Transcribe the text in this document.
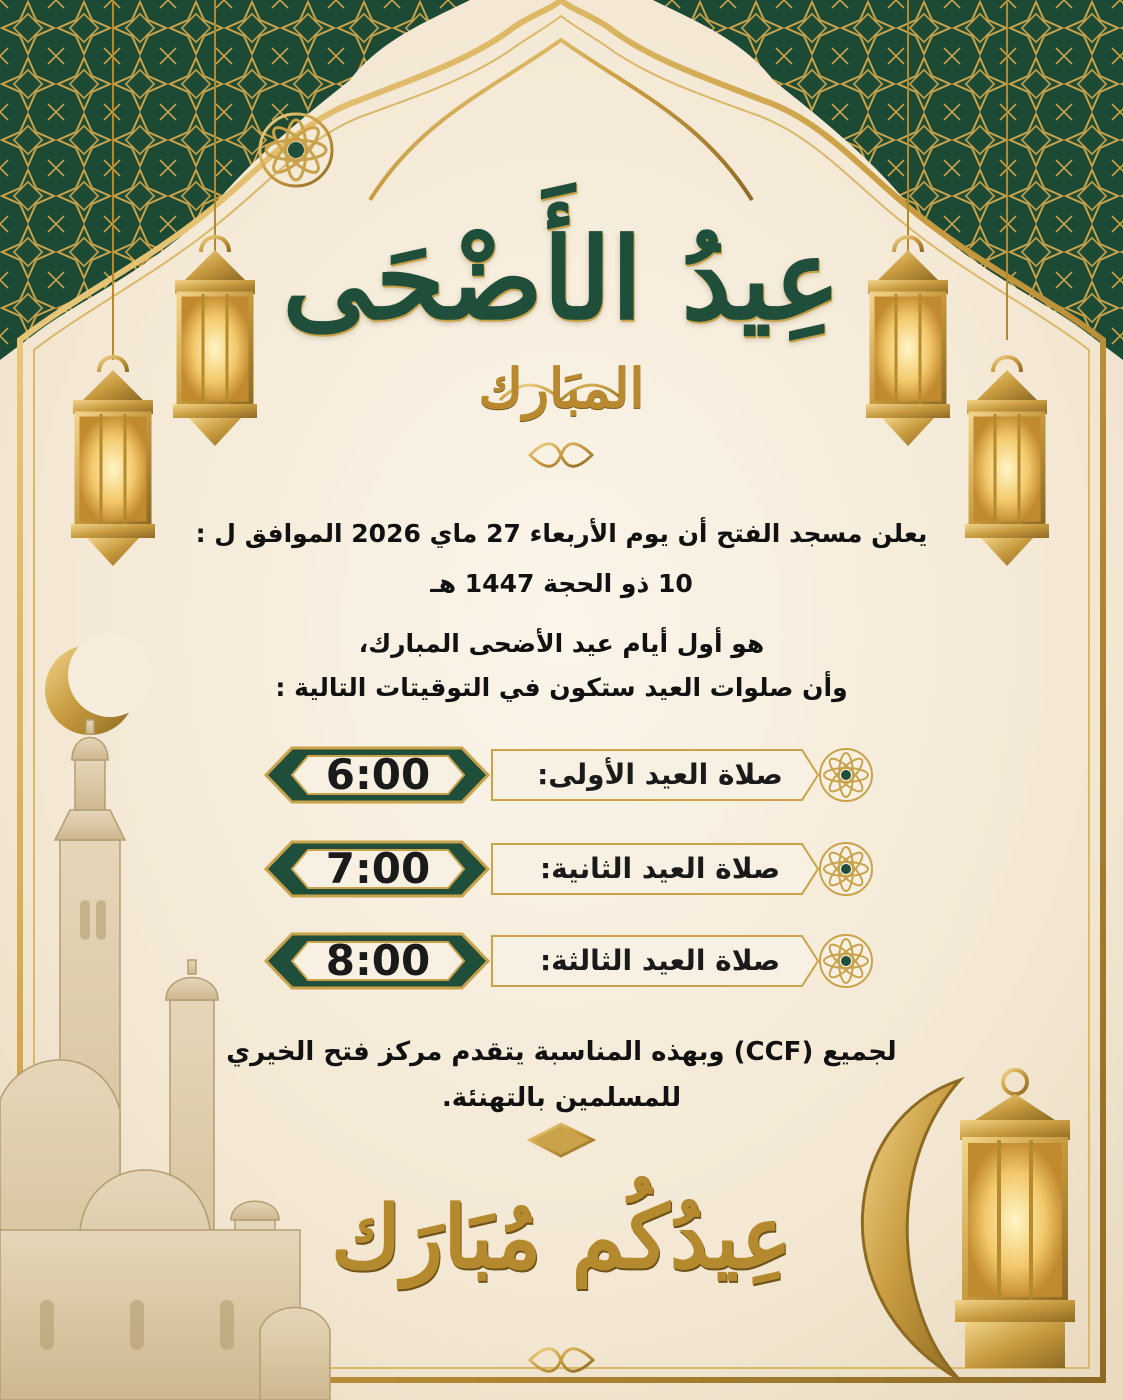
عِيدُ الأَضْحَى
المبَارك
يعلن مسجد الفتح أن يوم الأربعاء 27 ماي 2026 الموافق ل :
10 ذو الحجة 1447 هـ
هو أول أيام عيد الأضحى المبارك،
وأن صلوات العيد ستكون في التوقيتات التالية :
6:00	صلاة العيد الأولى:
7:00	صلاة العيد الثانية:
8:00	صلاة العيد الثالثة:
لجميع (CCF) وبهذه المناسبة يتقدم مركز فتح الخيري
للمسلمين بالتهنئة.
عِيدُكُم مُبَارَك
